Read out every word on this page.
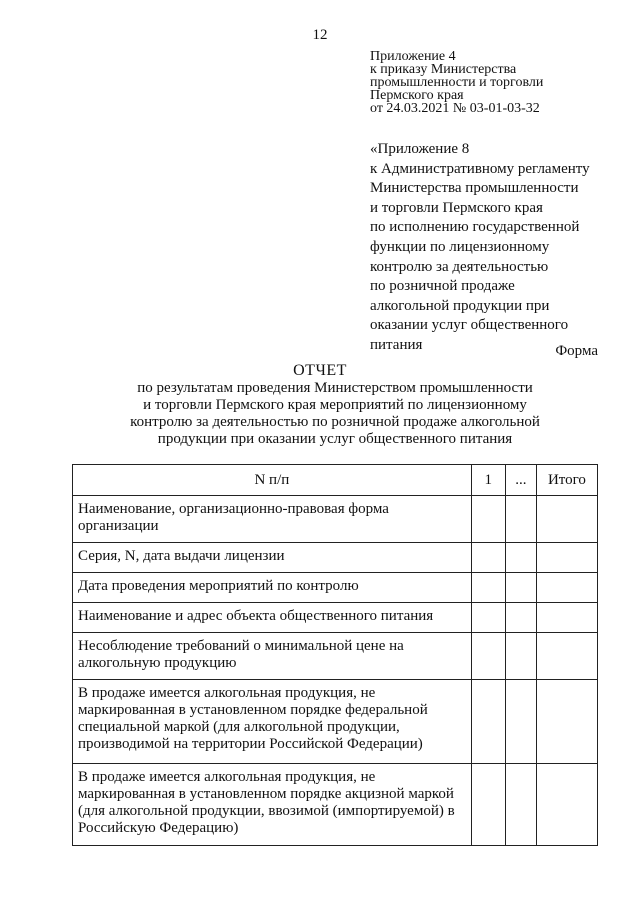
12
Приложение 4
к приказу Министерства
промышленности и торговли
Пермского края
от 24.03.2021 № 03-01-03-32
«Приложение 8
к Административному регламенту
Министерства промышленности
и торговли Пермского края
по исполнению государственной
функции по лицензионному
контролю за деятельностью
по розничной продаже
алкогольной продукции при
оказании услуг общественного
питания	Форма
ОТЧЕТ
по результатам проведения Министерством промышленности
и торговли Пермского края мероприятий по лицензионному
контролю за деятельностью по розничной продаже алкогольной
продукции при оказании услуг общественного питания
N п/п	1	...	Итого

Наименование, организационно-правовая форма
организации			

Серия, N, дата выдачи лицензии			

Дата проведения мероприятий по контролю			

Наименование и адрес объекта общественного питания			

Несоблюдение требований о минимальной цене на
алкогольную продукцию			

В продаже имеется алкогольная продукция, не
маркированная в установленном порядке федеральной
специальной маркой (для алкогольной продукции,
производимой на территории Российской Федерации)			

В продаже имеется алкогольная продукция, не
маркированная в установленном порядке акцизной маркой
(для алкогольной продукции, ввозимой (импортируемой) в
Российскую Федерацию)			
